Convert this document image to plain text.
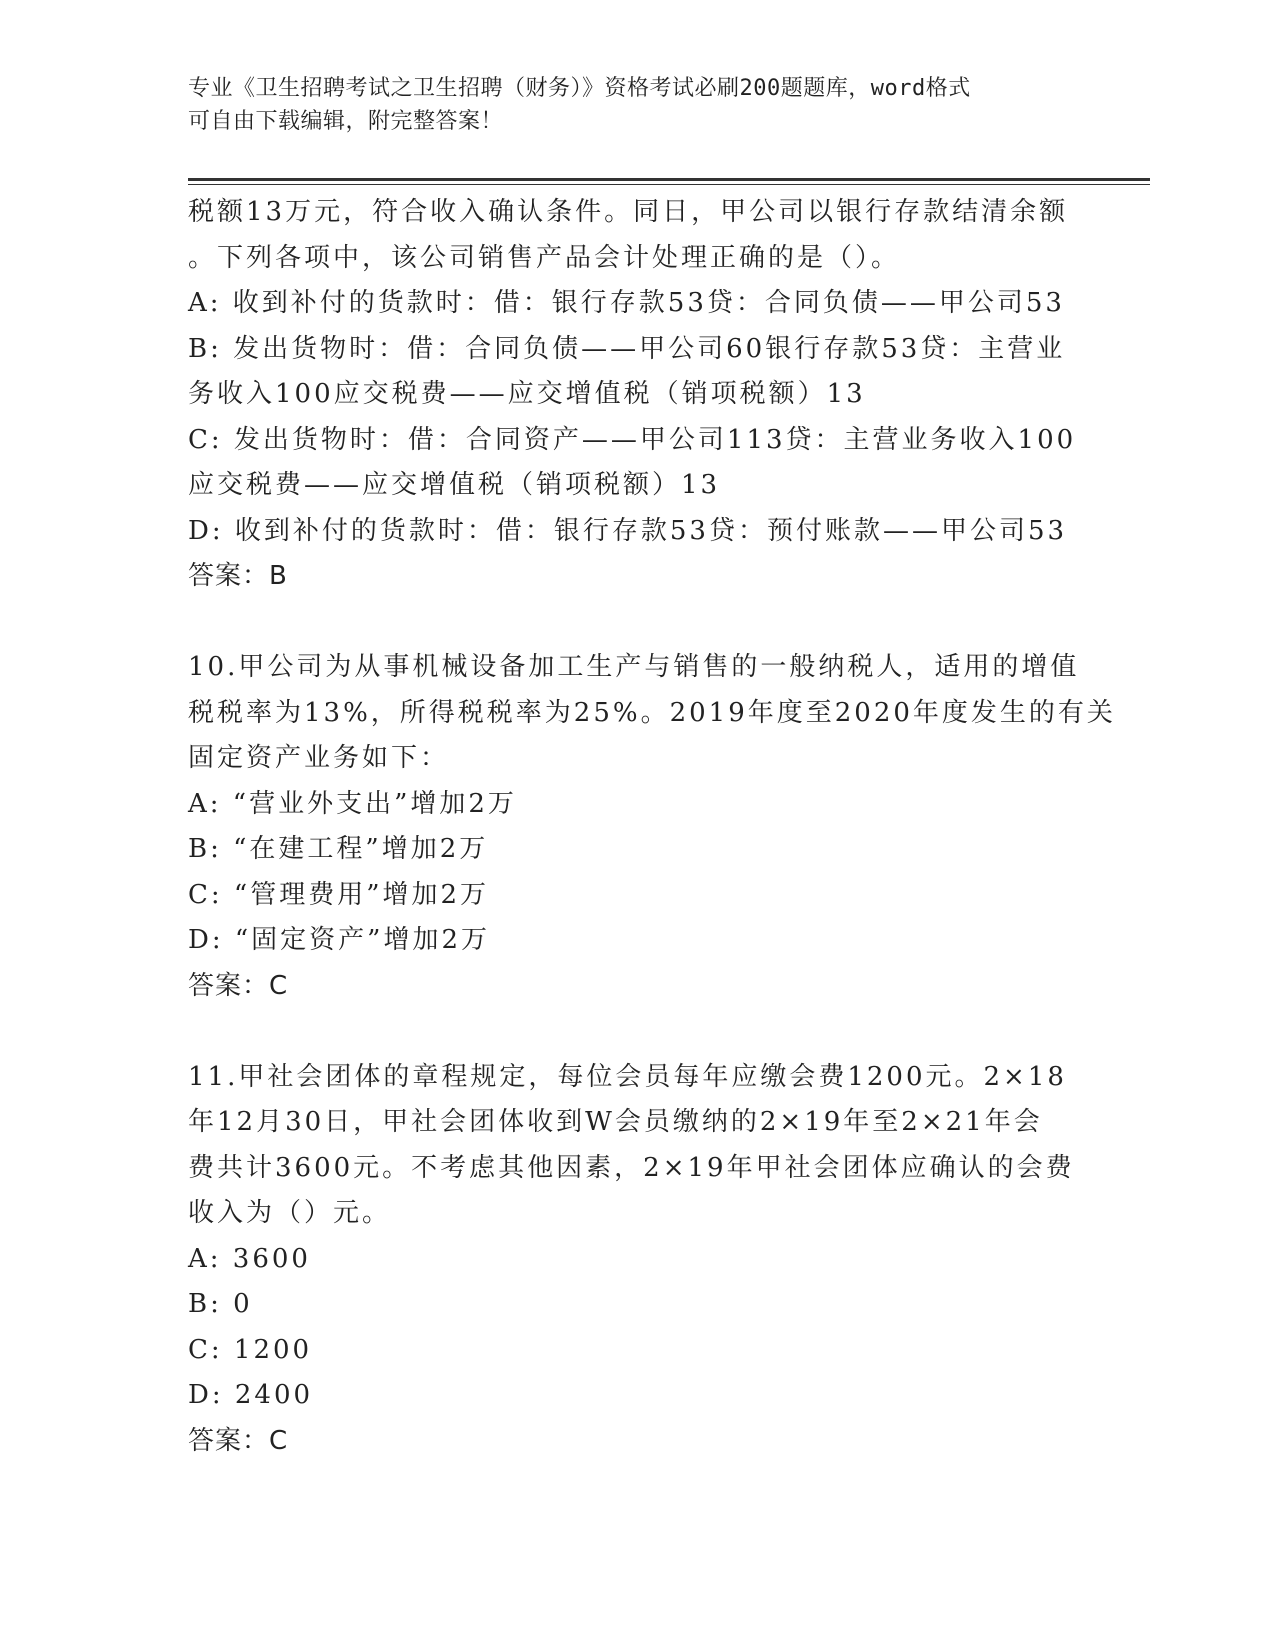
专业《卫生招聘考试之卫生招聘（财务）》资格考试必刷200题题库，word格式

可自由下载编辑，附完整答案！

税额13万元，符合收入确认条件。同日，甲公司以银行存款结清余额

。下列各项中，该公司销售产品会计处理正确的是（）。

A: 收到补付的货款时：借：银行存款53贷：合同负债——甲公司53

B: 发出货物时：借：合同负债——甲公司60银行存款53贷：主营业

务收入100应交税费——应交增值税（销项税额）13

C: 发出货物时：借：合同资产——甲公司113贷：主营业务收入100

应交税费——应交增值税（销项税额）13

D: 收到补付的货款时：借：银行存款53贷：预付账款——甲公司53

答案：B

10.甲公司为从事机械设备加工生产与销售的一般纳税人，适用的增值

税税率为13%，所得税税率为25%。2019年度至2020年度发生的有关

固定资产业务如下：

A: “营业外支出”增加2万

B: “在建工程”增加2万

C: “管理费用”增加2万

D: “固定资产”增加2万

答案：C

11.甲社会团体的章程规定，每位会员每年应缴会费1200元。2×18

年12月30日，甲社会团体收到W会员缴纳的2×19年至2×21年会

费共计3600元。不考虑其他因素，2×19年甲社会团体应确认的会费

收入为（）元。

A: 3600

B: 0

C: 1200

D: 2400

答案：C
